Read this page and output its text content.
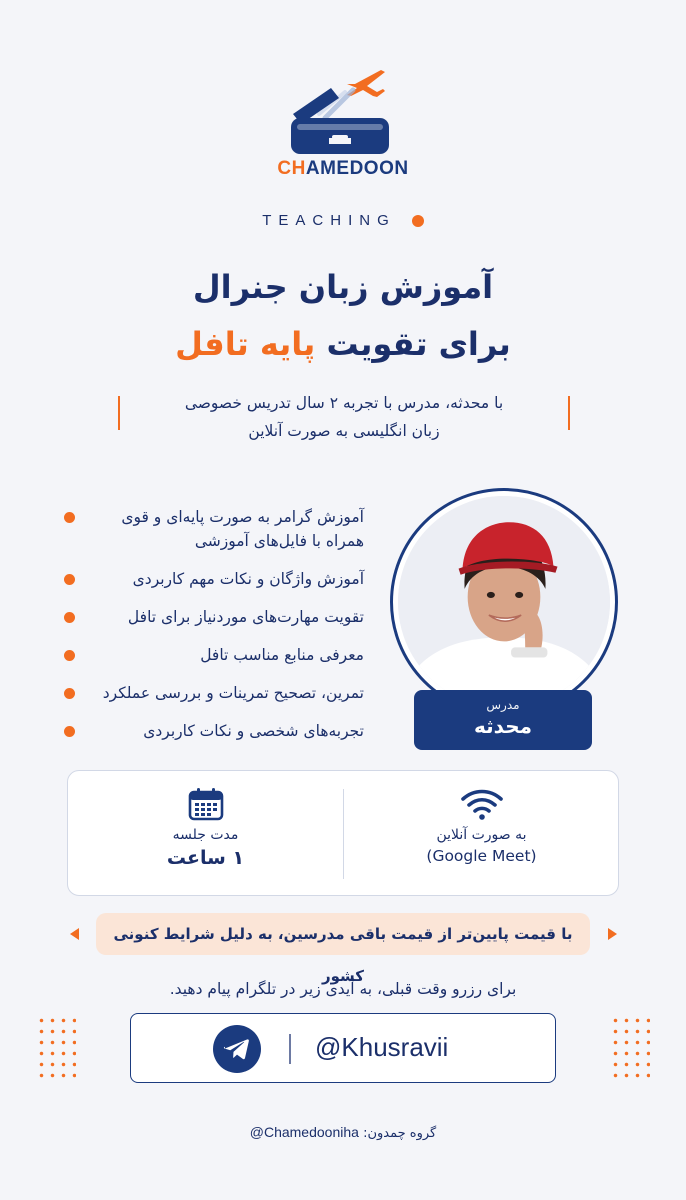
CHAMEDOON
TEACHING
آموزش زبان جنرال
برای تقویت پایه تافل
با محدثه، مدرس با تجربه ۲ سال تدریس خصوصی
زبان انگلیسی به صورت آنلاین
آموزش گرامر به صورت پایه‌ای و قوی همراه با فایل‌های آموزشی
آموزش واژگان و نکات مهم کاربردی
تقویت مهارت‌های موردنیاز برای تافل
معرفی منابع مناسب تافل
تمرین، تصحیح تمرینات و بررسی عملکرد
تجربه‌های شخصی و نکات کاربردی
مدرس
محدثه
مدت جلسه
۱ ساعت
به صورت آنلاین
(Google Meet)
با قیمت پایین‌تر از قیمت باقی مدرسین، به دلیل شرایط کنونی کشور
برای رزرو وقت قبلی، به آیدی زیر در تلگرام پیام دهید.
@Khusravii
گروه چمدون: @Chamedooniha
